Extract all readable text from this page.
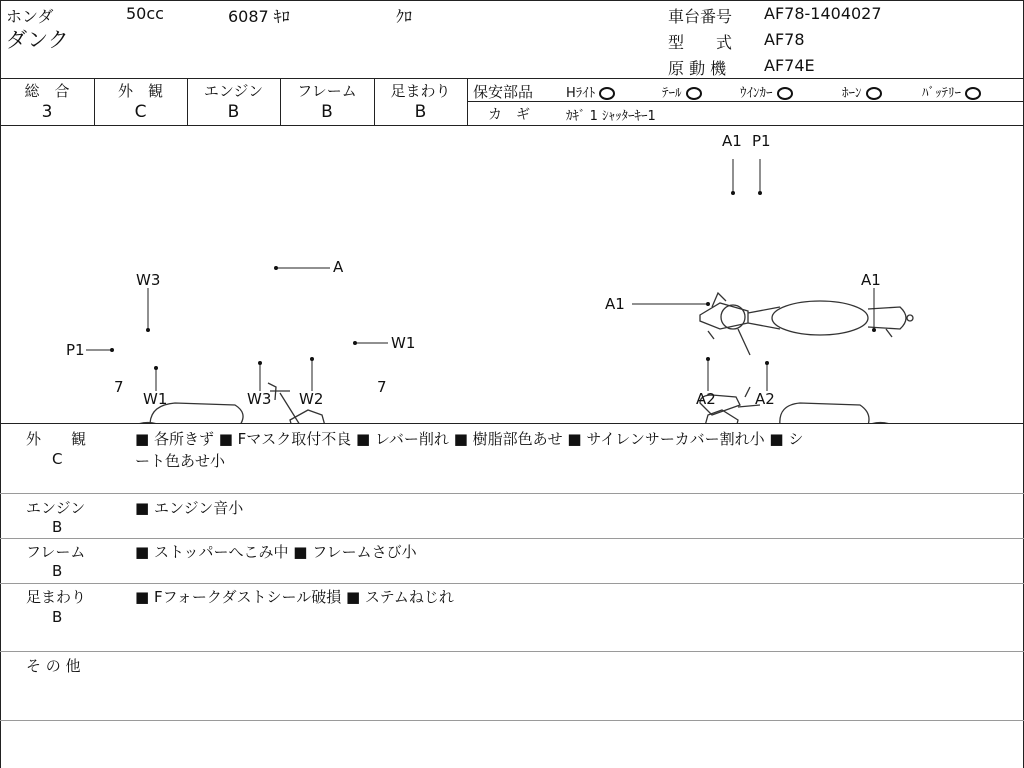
ホンダ	50cc	6087 ｷﾛ	ｸﾛ
ダンク
車台番号 AF78-1404027
型　　式 AF78
原 動 機 AF74E
総　合
3
外　観
C
エンジン
B
フレーム
B
足まわり
B
保安部品	Hﾗｲﾄ	ﾃｰﾙ	ｳｲﾝｶｰ	ﾎｰﾝ	ﾊﾞｯﾃﾘｰ
カ　ギ	ｶｷﾞ 1 ｼｬｯﾀｰｷｰ1
A1 P1
A
W3
W1
P1
7
W1	W3 W2
7
A1
A1
A2	A2
外　　観
C
■ 各所きず ■ Fマスク取付不良 ■ レバー削れ ■ 樹脂部色あせ ■ サイレンサーカバー割れ小 ■ シ
ート色あせ小
エンジン
B
■ エンジン音小
フレーム
B
■ ストッパーへこみ中 ■ フレームさび小
足まわり
B
■ Fフォークダストシール破損 ■ ステムねじれ
そ の 他
